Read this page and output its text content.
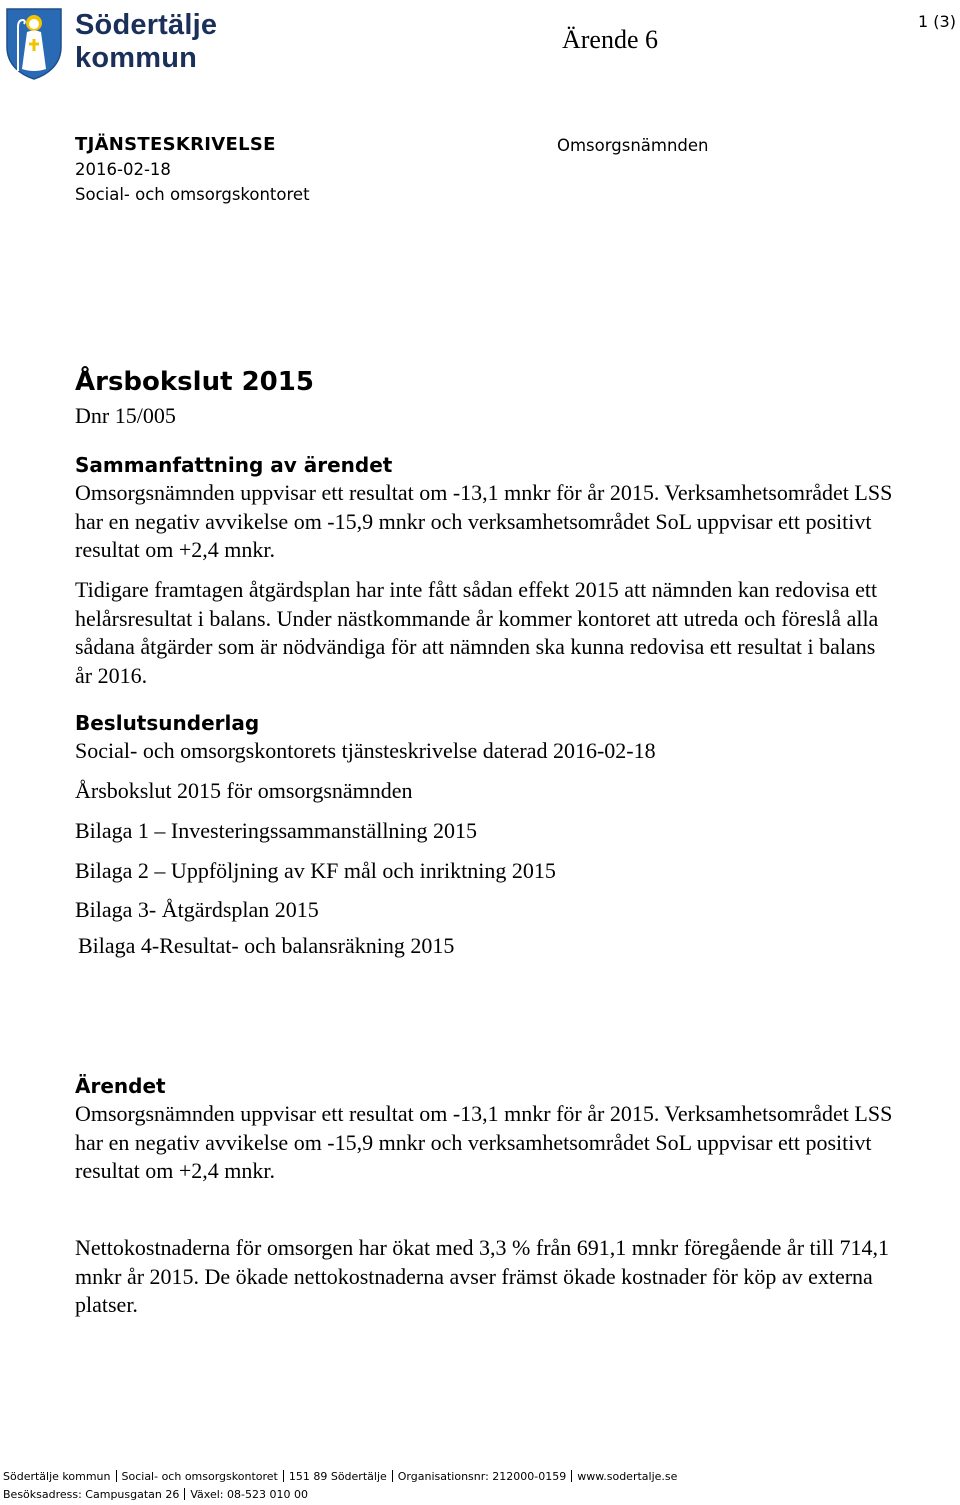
Södertälje
kommun
Ärende 6
1 (3)
TJÄNSTESKRIVELSE
2016-02-18
Social- och omsorgskontoret
Omsorgsnämnden
Årsbokslut 2015
Dnr 15/005
Sammanfattning av ärendet
Omsorgsnämnden uppvisar ett resultat om -13,1 mnkr för år 2015. Verksamhetsområdet LSS
har en negativ avvikelse om -15,9 mnkr och verksamhetsområdet SoL uppvisar ett positivt
resultat om +2,4 mnkr.
Tidigare framtagen åtgärdsplan har inte fått sådan effekt 2015 att nämnden kan redovisa ett
helårsresultat i balans. Under nästkommande år kommer kontoret att utreda och föreslå alla
sådana åtgärder som är nödvändiga för att nämnden ska kunna redovisa ett resultat i balans
år 2016.
Beslutsunderlag
Social- och omsorgskontorets tjänsteskrivelse daterad 2016-02-18
Årsbokslut 2015 för omsorgsnämnden
Bilaga 1 – Investeringssammanställning 2015
Bilaga 2 – Uppföljning av KF mål och inriktning 2015
Bilaga 3- Åtgärdsplan 2015
Bilaga 4-Resultat- och balansräkning 2015
Ärendet
Omsorgsnämnden uppvisar ett resultat om -13,1 mnkr för år 2015. Verksamhetsområdet LSS
har en negativ avvikelse om -15,9 mnkr och verksamhetsområdet SoL uppvisar ett positivt
resultat om +2,4 mnkr.
Nettokostnaderna för omsorgen har ökat med 3,3 % från 691,1 mnkr föregående år till 714,1
mnkr år 2015. De ökade nettokostnaderna avser främst ökade kostnader för köp av externa
platser.
Södertälje kommun Social- och omsorgskontoret 151 89 Södertälje Organisationsnr: 212000-0159 www.sodertalje.se
Besöksadress: Campusgatan 26 Växel: 08-523 010 00
